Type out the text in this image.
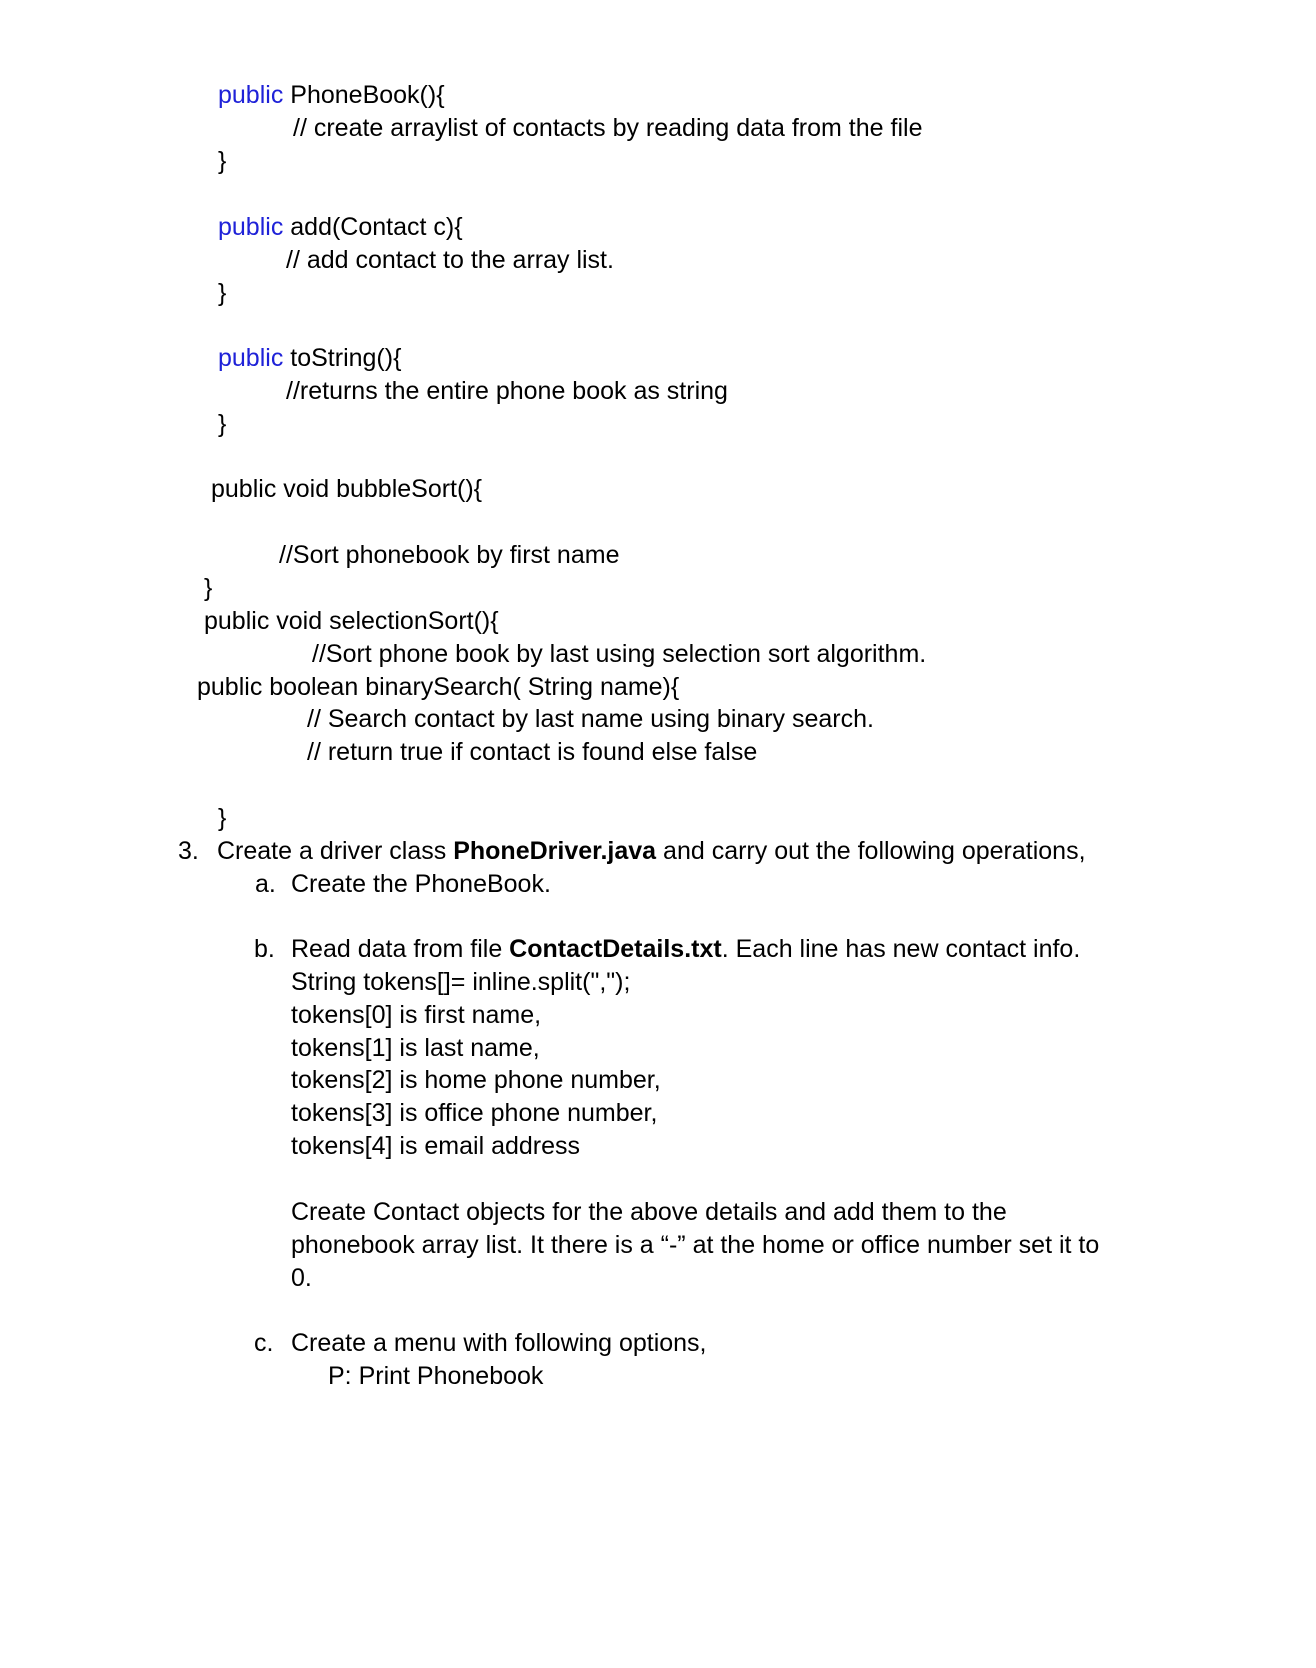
public PhoneBook(){
// create arraylist of contacts by reading data from the file
}
public add(Contact c){
// add contact to the array list.
}
public toString(){
//returns the entire phone book as string
}
public void bubbleSort(){
//Sort phonebook by first name
}
public void selectionSort(){
//Sort phone book by last using selection sort algorithm.
public boolean binarySearch( String name){
// Search contact by last name using binary search.
// return true if contact is found else false
}
3. Create a driver class PhoneDriver.java and carry out the following operations,
a. Create the PhoneBook.
b. Read data from file ContactDetails.txt. Each line has new contact info.
String tokens[]= inline.split(",");
tokens[0] is first name,
tokens[1] is last name,
tokens[2] is home phone number,
tokens[3] is office phone number,
tokens[4] is email address
Create Contact objects for the above details and add them to the
phonebook array list. It there is a “-” at the home or office number set it to
0.
c. Create a menu with following options,
P: Print Phonebook
